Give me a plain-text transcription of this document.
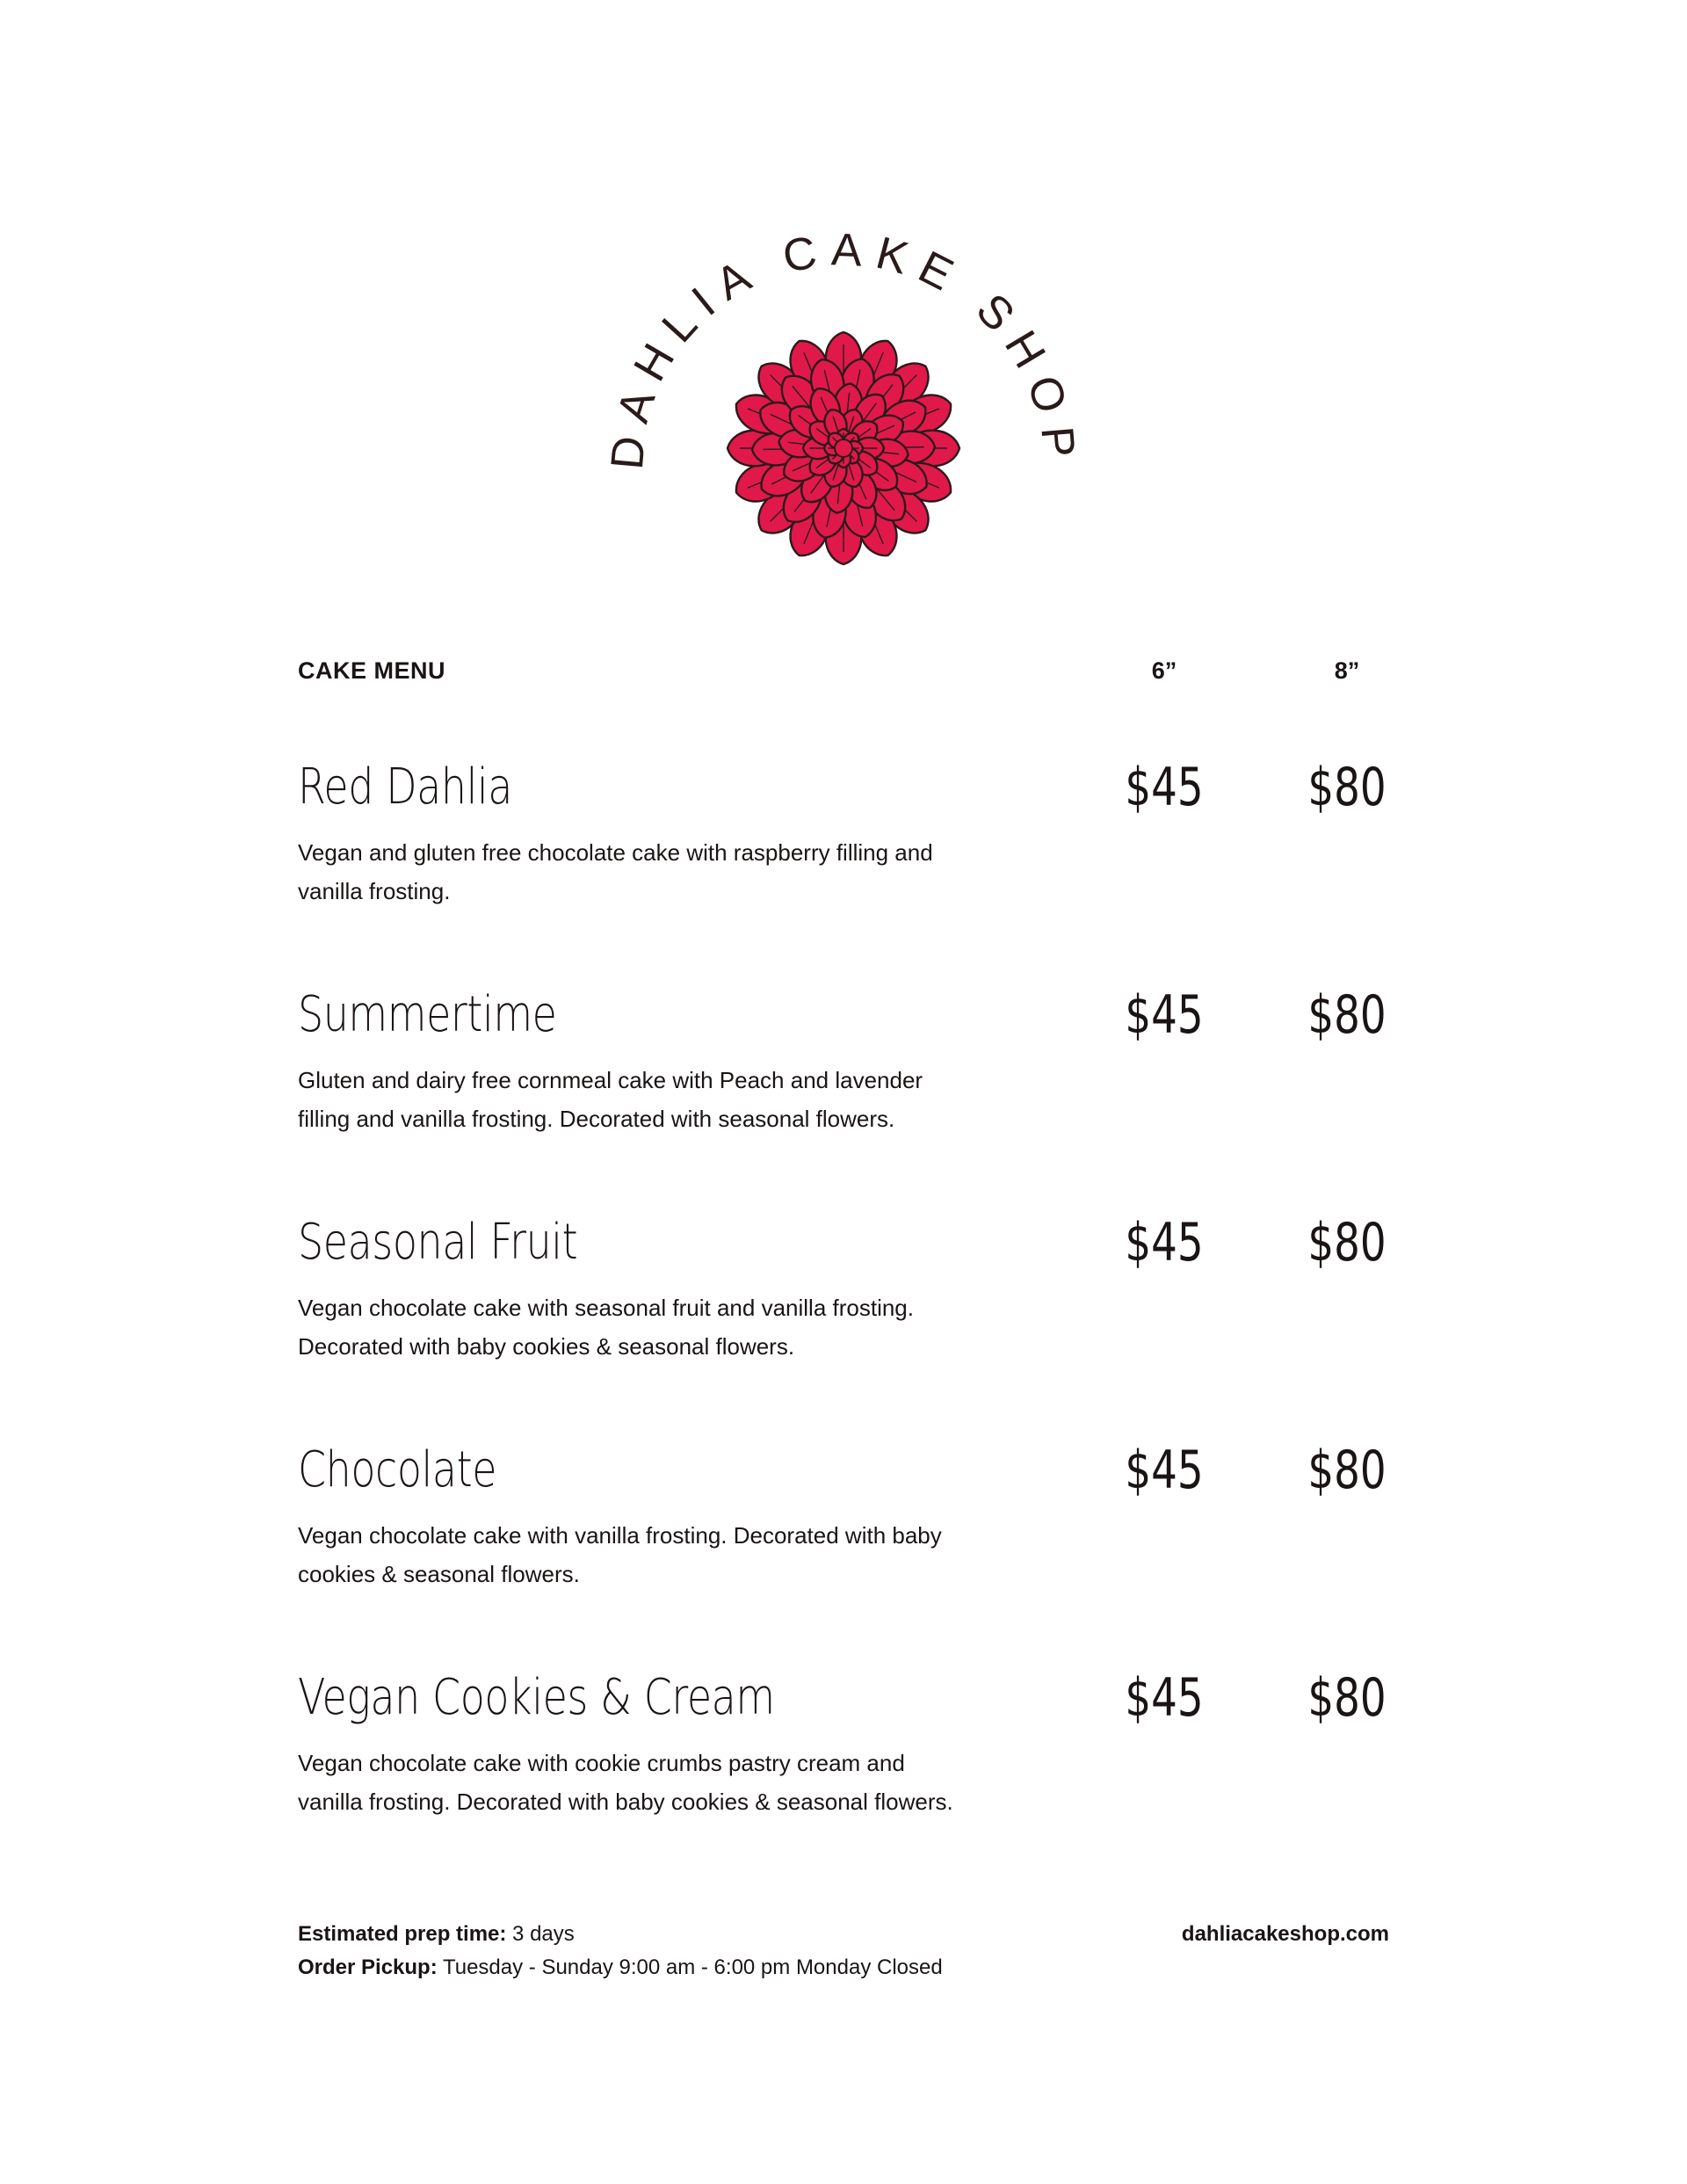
DAHLIA CAKE SHOP
CAKE MENU	6”	8”
Red Dahlia	$45 $80
Vegan and gluten free chocolate cake with raspberry filling and
vanilla frosting.
Summertime	$45 $80
Gluten and dairy free cornmeal cake with Peach and lavender
filling and vanilla frosting. Decorated with seasonal flowers.
Seasonal Fruit	$45 $80
Vegan chocolate cake with seasonal fruit and vanilla frosting.
Decorated with baby cookies & seasonal flowers.
Chocolate	$45 $80
Vegan chocolate cake with vanilla frosting. Decorated with baby
cookies & seasonal flowers.
Vegan Cookies & Cream	$45 $80
Vegan chocolate cake with cookie crumbs pastry cream and
vanilla frosting. Decorated with baby cookies & seasonal flowers.
Estimated prep time: 3 days
Order Pickup: Tuesday - Sunday 9:00 am - 6:00 pm Monday Closed
dahliacakeshop.com
